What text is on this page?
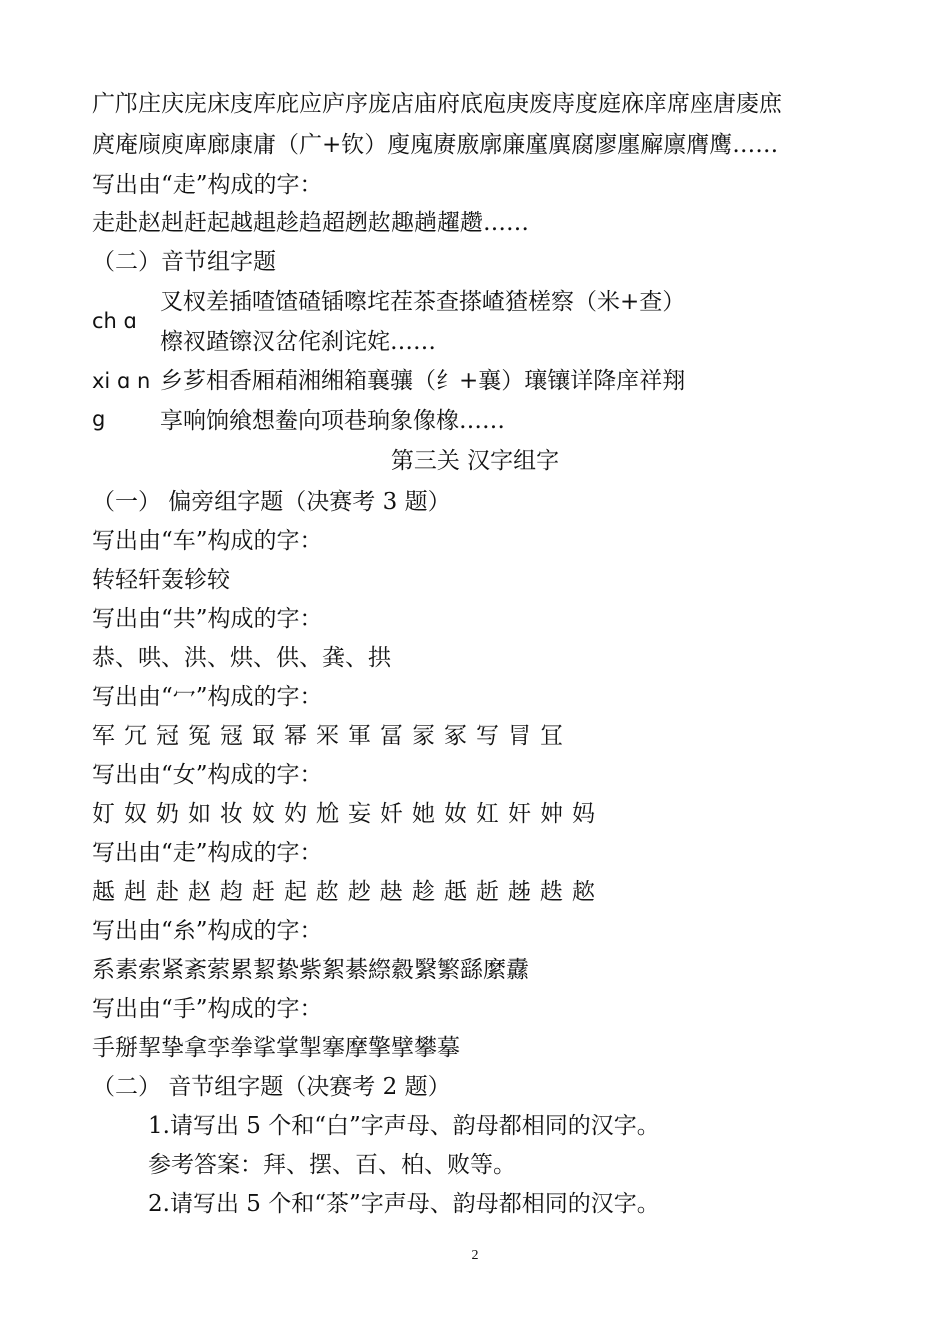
广邝庄庆庑床庋库庇应庐序庞店庙府底庖庚废庤度庭庥庠席座唐庱庶
庹庵庼庾庳廊康庸（广+钦）廋廆赓廒廓廉廑廙腐廖廛廨廪膺鹰……
写出由“走”构成的字：
走赴赵赳赶起越趄趁趋超趔赼趣趟趯趱……
（二）音节组字题
ch ɑ
叉杈差插喳馇碴锸嚓垞茬茶查搽嵖猹槎察（米+查）檫衩蹅镲汊岔侘刹诧姹……
xi ɑ n
g
乡芗相香厢葙湘缃箱襄骧（纟+襄）瓖镶详降庠祥翔享响饷飨想鲞向项巷珦象像橡……
第三关 汉字组字
（一） 偏旁组字题（决赛考 3 题）
写出由“车”构成的字：
转轻轩轰轸较
写出由“共”构成的字：
恭、哄、洪、烘、供、龚、拱
写出由“冖”构成的字：
军冗冠冤冦冣幂冞軍冨冡冢写冐冝
写出由“女”构成的字：
奵奴奶如妆妏妁尬妄奷她奻妅奸妕妈
写出由“走”构成的字：
趆赳赴赵赹赶起赼赻赽趁赿赾趀趃趑
写出由“糸”构成的字：
系素索紧紊萦累絜絷紫絮綦縩縠繄繁繇縻纛
写出由“手”构成的字：
手掰挈挚拿孪拳挲掌掣搴摩擎擘攀摹
（二） 音节组字题（决赛考 2 题）
1.请写出 5 个和“白”字声母、韵母都相同的汉字。
参考答案：拜、摆、百、柏、败等。
2.请写出 5 个和“茶”字声母、韵母都相同的汉字。
2
